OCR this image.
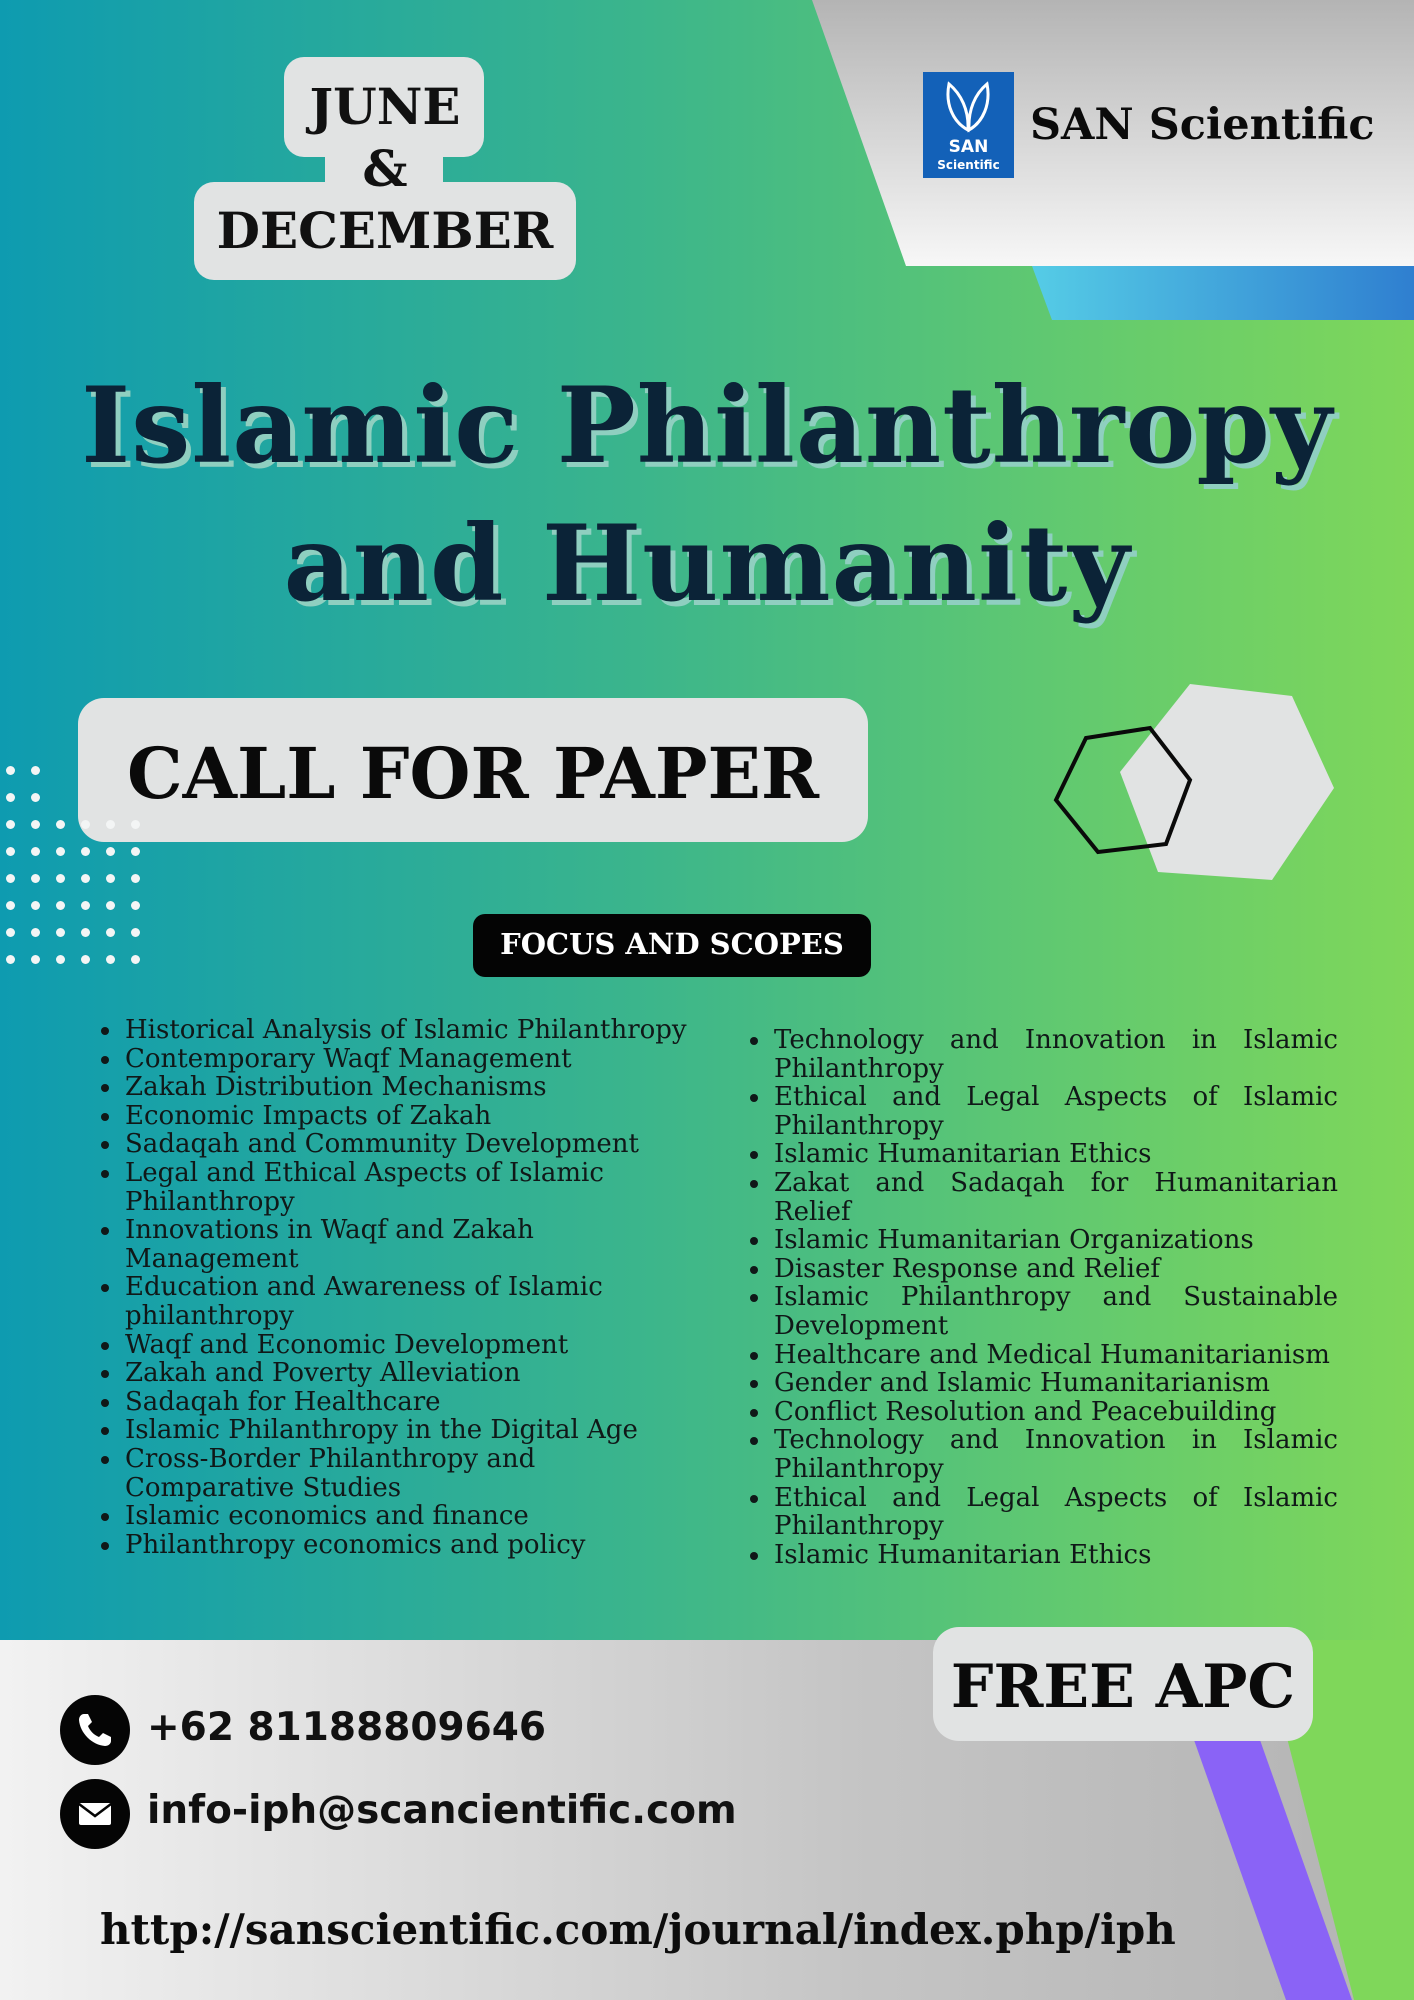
JUNE
&
DECEMBER
SAN
Scientific
SAN Scientific
Islamic Philanthropy
and Humanity
CALL FOR PAPER
FOCUS AND SCOPES
• Historical Analysis of Islamic Philanthropy
• Contemporary Waqf Management
• Zakah Distribution Mechanisms
• Economic Impacts of Zakah
• Sadaqah and Community Development
• Legal and Ethical Aspects of Islamic Philanthropy
• Innovations in Waqf and Zakah Management
• Education and Awareness of Islamic philanthropy
• Waqf and Economic Development
• Zakah and Poverty Alleviation
• Sadaqah for Healthcare
• Islamic Philanthropy in the Digital Age
• Cross-Border Philanthropy and Comparative Studies
• Islamic economics and finance
• Philanthropy economics and policy
• Technology and Innovation in Islamic Philanthropy
• Ethical and Legal Aspects of Islamic Philanthropy
• Islamic Humanitarian Ethics
• Zakat and Sadaqah for Humanitarian Relief
• Islamic Humanitarian Organizations
• Disaster Response and Relief
• Islamic Philanthropy and Sustainable Development
• Healthcare and Medical Humanitarianism
• Gender and Islamic Humanitarianism
• Conflict Resolution and Peacebuilding
• Technology and Innovation in Islamic Philanthropy
• Ethical and Legal Aspects of Islamic Philanthropy
• Islamic Humanitarian Ethics
FREE APC
+62 81188809646
info-iph@scancientific.com
http://sanscientific.com/journal/index.php/iph
